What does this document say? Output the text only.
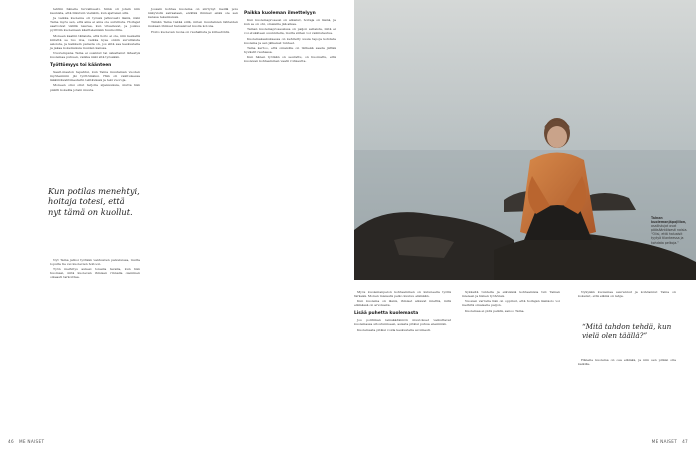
tehtiin hänelle turvallisesti. Siinä oli jotain niin kaunista, että liikutuin vieläkin, kun ajattelen sitä.

Ja vaikka kuolema oli työssä jatkuvasti läsnä, näki Taina myös sen, että aina ei aina ole surullista. Hoitajat saattoivat välillä nauraa, kun vitsailevat, ja joskus pyrittiin kuolemaan käsittelemään huumorilla.

Moneen kaaliin tällaista, että hoito ei ole, niin keskellä kiirettä se tuo iloa, vaikka kyse onkin surullisista asioista, ja kaikkein parasta on, jos siitä saa keskustella ja jakaa kokemuksia muiden kanssa.

Nuorempana Taina ei osannut tai uskaltanut lähestyä kuolemaa puhuen, vaikka näki sitä työssään.

Työttömyys toi käänteen

Saari-maaton tapahtui, kun Taina muutaman vuoden myöhemmin jäi työttömäksi. Hän oli vakituisessa lääkintävahtimestarin tehtävässä ja teki vuoroja.

Moneen olisi ollut tarjolla sijaisuuksia, mutta hän päätti kokeilla jotain muuta.

Kun potilas menehtyi, hoitaja totesi, että nyt tämä on kuollut.

Nyt Taina jatkoi työtään vanhusten palveluissa, mutta lopulta tie vei kuolevien hoitoon.

Työn merkitys aukesi toisella tavalla, kun hän huomasi, mitä kuolevan ihmisen rinnalla oleminen oikeasti tarkoittaa.

Jossain kohtaa kuolema on siirtynyt meillä pois näkyvistä sairaalaan, eivätkä ihmiset enää ole sen kanssa tekemisissä.

Tämän Taina tietää siitä, miten muutamien lähteiden mukaan ihmiset haluaisivat kuolla kotona.

Hoito kuolevan luona on rauhallista ja kiireetöntä.

Paikka kuoleman ilmettelyyn

Kun kuolemaprosessi on alkanut, hoitaja on läsnä, ja kun se on ohi, omaisille jää aikaa.

Tainan kuolemaprosessissa on paljon sellaista, mitä ei voi etukäteen suunnitella, mutta siihen voi valmistautua.

Kuolemakeskuksessa on kehitetty uusia tapoja kohdata kuolema ja sen jälkeiset tunteet.

Taina kertoo, että omaisille on tärkeää saada jättää hyvästit rauhassa.

Kun hänen työtään on seurattu, on huomattu, että kuolevan kohtaaminen vaatii rohkeutta.

46 ME NAISET
Tainan kuolemanjäpojillon, osallistujat ovat pääsääntöisesti naisia. “Olisi, että haluaisit tyytyä tilanteessa ja kohdata pelkoja.”

Myös kuolemanpelon kohtaaminen on kuluneella työllä tärkeää. Monen mielestä pelko kuuluu elämään.

Kun kuolema on läsnä, ihmiset alkavat miettiä, mitä elämässä on arvokasta.

Lisää puhetta kuolemasta

Jos politiikan lainsäädännön muutokset vaikuttavat kuolemassa sitoutumiseen, asiasta pitäisi puhua enemmän.

Kuolemasta pitäisi voida keskustella avoimesti.

Sykkeitä tunteita ja eläväisiä kohtaamisia tuli Tainan mieleen ja hänen työhönsä.

Vuosien varrella hän on oppinut, että hoitajan läsnäolo voi merkitä omaiselle paljon.

Kuolemaa ei pidä pelätä, sanoo Taina.

Nykyään kuolemaa seurannut ja kohdannut Taina on kokenut, että elämä on lahja.

“Mitä tahdon tehdä, kun vielä olen täällä?”

Hänelle kuolema on osa elämää, ja niin sen pitäisi olla kaikille.

ME NAISET 47
